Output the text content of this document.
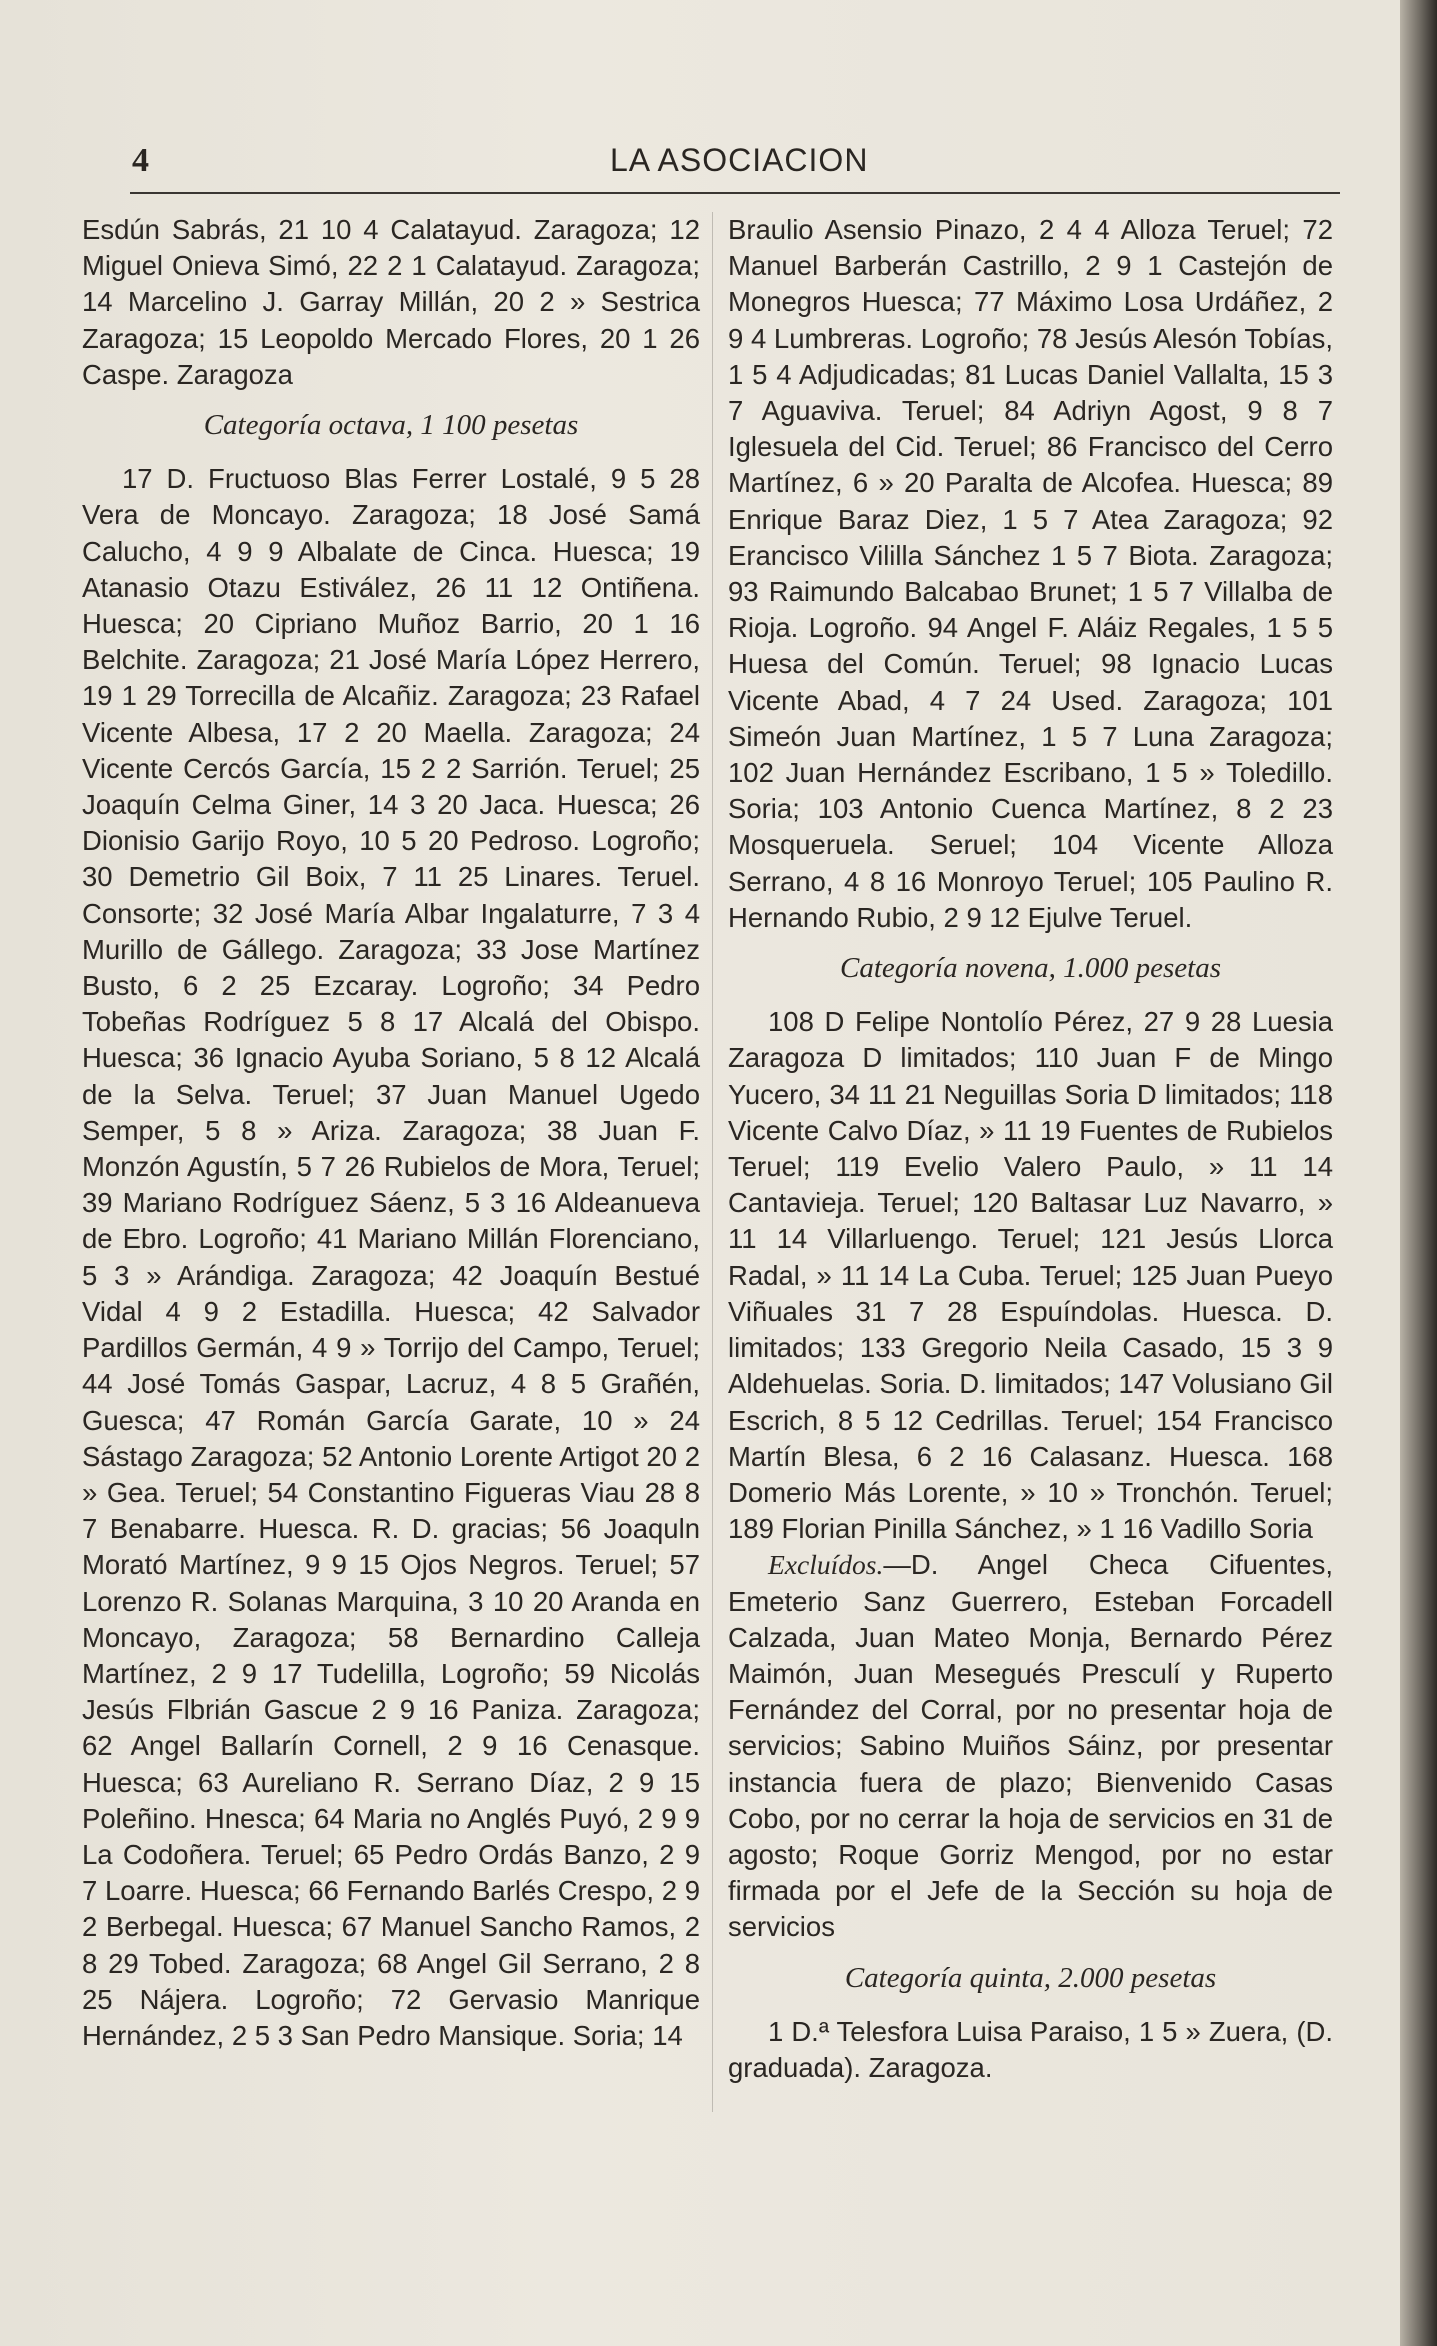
4	LA ASOCIACION

Esdún Sabrás, 21 10 4 Calatayud. Zaragoza; 12 Miguel Onieva Simó, 22 2 1 Calatayud. Zaragoza; 14 Marcelino J. Garray Millán, 20 2 » Sestrica Zaragoza; 15 Leopoldo Mercado Flores, 20 1 26 Caspe. Zaragoza

Categoría octava, 1 100 pesetas

17 D. Fructuoso Blas Ferrer Lostalé, 9 5 28 Vera de Moncayo. Zaragoza; 18 José Samá Calucho, 4 9 9 Albalate de Cinca. Huesca; 19 Atanasio Otazu Estivález, 26 11 12 Ontiñena. Huesca; 20 Cipriano Muñoz Barrio, 20 1 16 Belchite. Zaragoza; 21 José María López Herrero, 19 1 29 Torrecilla de Alcañiz. Zaragoza; 23 Rafael Vicente Albesa, 17 2 20 Maella. Zaragoza; 24 Vicente Cercós García, 15 2 2 Sarrión. Teruel; 25 Joaquín Celma Giner, 14 3 20 Jaca. Huesca; 26 Dionisio Garijo Royo, 10 5 20 Pedroso. Logroño; 30 Demetrio Gil Boix, 7 11 25 Linares. Teruel. Consorte; 32 José María Albar Ingalaturre, 7 3 4 Murillo de Gállego. Zaragoza; 33 Jose Martínez Busto, 6 2 25 Ezcaray. Logroño; 34 Pedro Tobeñas Rodríguez 5 8 17 Alcalá del Obispo. Huesca; 36 Ignacio Ayuba Soriano, 5 8 12 Alcalá de la Selva. Teruel; 37 Juan Manuel Ugedo Semper, 5 8 » Ariza. Zaragoza; 38 Juan F. Monzón Agustín, 5 7 26 Rubielos de Mora, Teruel; 39 Mariano Rodríguez Sáenz, 5 3 16 Aldeanueva de Ebro. Logroño; 41 Mariano Millán Florenciano, 5 3 » Arándiga. Zaragoza; 42 Joaquín Bestué Vidal 4 9 2 Estadilla. Huesca; 42 Salvador Pardillos Germán, 4 9 » Torrijo del Campo, Teruel; 44 José Tomás Gaspar, Lacruz, 4 8 5 Grañén, Guesca; 47 Román García Garate, 10 » 24 Sástago Zaragoza; 52 Antonio Lorente Artigot 20 2 » Gea. Teruel; 54 Constantino Figueras Viau 28 8 7 Benabarre. Huesca. R. D. gracias; 56 Joaquln Morató Martínez, 9 9 15 Ojos Negros. Teruel; 57 Lorenzo R. Solanas Marquina, 3 10 20 Aranda en Moncayo, Zaragoza; 58 Bernardino Calleja Martínez, 2 9 17 Tudelilla, Logroño; 59 Nicolás Jesús Flbrián Gascue 2 9 16 Paniza. Zaragoza; 62 Angel Ballarín Cornell, 2 9 16 Cenasque. Huesca; 63 Aureliano R. Serrano Díaz, 2 9 15 Poleñino. Hnesca; 64 Maria no Anglés Puyó, 2 9 9 La Codoñera. Teruel; 65 Pedro Ordás Banzo, 2 9 7 Loarre. Huesca; 66 Fernando Barlés Crespo, 2 9 2 Berbegal. Huesca; 67 Manuel Sancho Ramos, 2 8 29 Tobed. Zaragoza; 68 Angel Gil Serrano, 2 8 25 Nájera. Logroño; 72 Gervasio Manrique Hernández, 2 5 3 San Pedro Mansique. Soria; 14

Braulio Asensio Pinazo, 2 4 4 Alloza Teruel; 72 Manuel Barberán Castrillo, 2 9 1 Castejón de Monegros Huesca; 77 Máximo Losa Urdáñez, 2 9 4 Lumbreras. Logroño; 78 Jesús Alesón Tobías, 1 5 4 Adjudicadas; 81 Lucas Daniel Vallalta, 15 3 7 Aguaviva. Teruel; 84 Adriyn Agost, 9 8 7 Iglesuela del Cid. Teruel; 86 Francisco del Cerro Martínez, 6 » 20 Paralta de Alcofea. Huesca; 89 Enrique Baraz Diez, 1 5 7 Atea Zaragoza; 92 Erancisco Vililla Sánchez 1 5 7 Biota. Zaragoza; 93 Raimundo Balcabao Brunet; 1 5 7 Villalba de Rioja. Logroño. 94 Angel F. Aláiz Regales, 1 5 5 Huesa del Común. Teruel; 98 Ignacio Lucas Vicente Abad, 4 7 24 Used. Zaragoza; 101 Simeón Juan Martínez, 1 5 7 Luna Zaragoza; 102 Juan Hernández Escribano, 1 5 » Toledillo. Soria; 103 Antonio Cuenca Martínez, 8 2 23 Mosqueruela. Seruel; 104 Vicente Alloza Serrano, 4 8 16 Monroyo Teruel; 105 Paulino R. Hernando Rubio, 2 9 12 Ejulve Teruel.

Categoría novena, 1.000 pesetas

108 D Felipe Nontolío Pérez, 27 9 28 Luesia Zaragoza D limitados; 110 Juan F de Mingo Yucero, 34 11 21 Neguillas Soria D limitados; 118 Vicente Calvo Díaz, » 11 19 Fuentes de Rubielos Teruel; 119 Evelio Valero Paulo, » 11 14 Cantavieja. Teruel; 120 Baltasar Luz Navarro, » 11 14 Villarluengo. Teruel; 121 Jesús Llorca Radal, » 11 14 La Cuba. Teruel; 125 Juan Pueyo Viñuales 31 7 28 Espuíndolas. Huesca. D. limitados; 133 Gregorio Neila Casado, 15 3 9 Aldehuelas. Soria. D. limitados; 147 Volusiano Gil Escrich, 8 5 12 Cedrillas. Teruel; 154 Francisco Martín Blesa, 6 2 16 Calasanz. Huesca. 168 Domerio Más Lorente, » 10 » Tronchón. Teruel; 189 Florian Pinilla Sánchez, » 1 16 Vadillo Soria

Excluídos.—D. Angel Checa Cifuentes, Emeterio Sanz Guerrero, Esteban Forcadell Calzada, Juan Mateo Monja, Bernardo Pérez Maimón, Juan Mesegués Presculí y Ruperto Fernández del Corral, por no presentar hoja de servicios; Sabino Muiños Sáinz, por presentar instancia fuera de plazo; Bienvenido Casas Cobo, por no cerrar la hoja de servicios en 31 de agosto; Roque Gorriz Mengod, por no estar firmada por el Jefe de la Sección su hoja de servicios

Categoría quinta, 2.000 pesetas

1 D.ª Telesfora Luisa Paraiso, 1 5 » Zuera, (D. graduada). Zaragoza.
